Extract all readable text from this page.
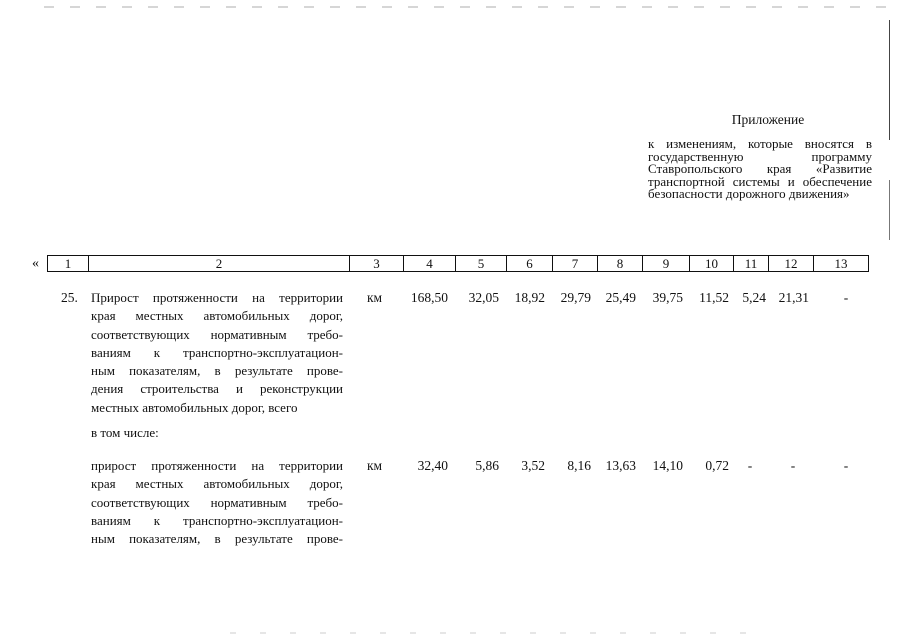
Приложение
к изменениям, которые вносятся в государственную программу Ставропольского края «Развитие транспортной системы и обеспечение безопасности дорожного движения»
«	1	2	3	4	5	6	7	8	9	10	11	12	13
25. Прирост протяженности на территории
края местных автомобильных дорог,
соответствующих нормативным требо-
ваниям к транспортно-эксплуатацион-
ным показателям, в результате прове-
дения строительства и реконструкции
местных автомобильных дорог, всего
км	168,50	32,05	18,92	29,79	25,49	39,75	11,52 5,24 21,31	-
в том числе:
прирост протяженности на территории
края местных автомобильных дорог,
соответствующих нормативным требо-
ваниям к транспортно-эксплуатацион-
ным показателям, в результате прове-
км	32,40	5,86	3,52	8,16	13,63	14,10	0,72	-	-	-
